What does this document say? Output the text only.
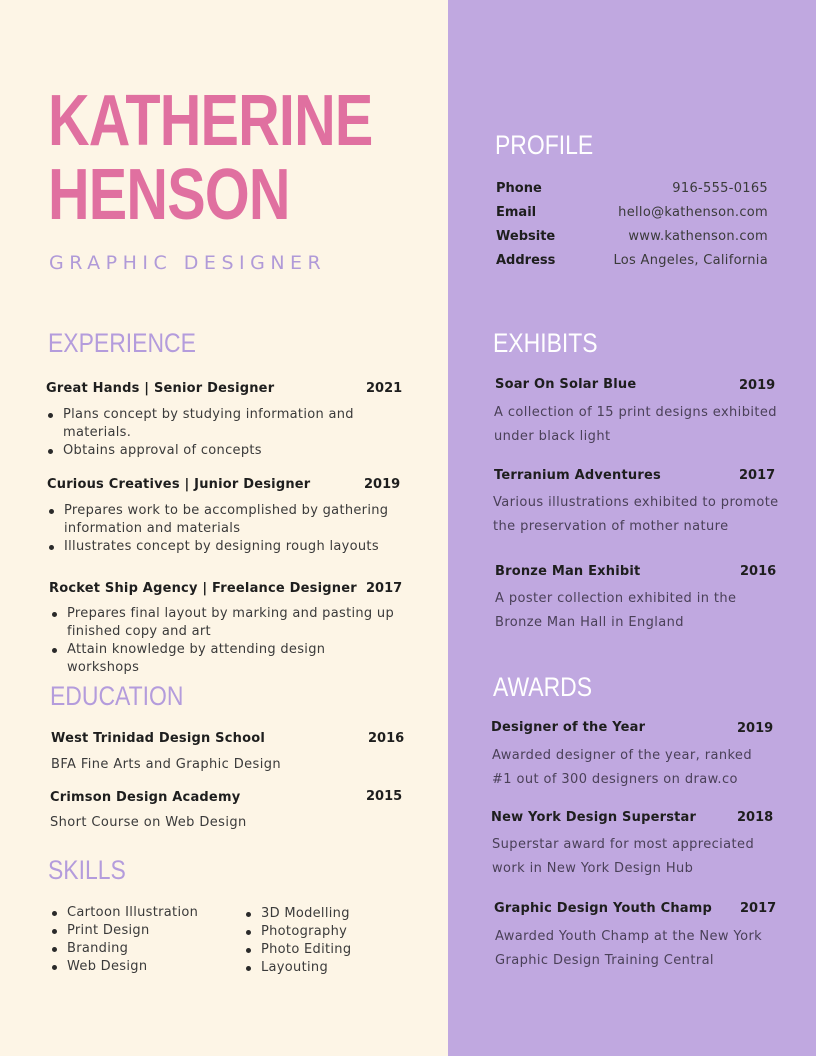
KATHERINE
HENSON
GRAPHIC DESIGNER
EXPERIENCE
Great Hands | Senior Designer	2021
Plans concept by studying information and materials.
Obtains approval of concepts
Curious Creatives | Junior Designer	2019
Prepares work to be accomplished by gathering information and materials
Illustrates concept by designing rough layouts
Rocket Ship Agency | Freelance Designer 2017
Prepares final layout by marking and pasting up finished copy and art
Attain knowledge by attending design workshops
EDUCATION
West Trinidad Design School	2016
BFA Fine Arts and Graphic Design
Crimson Design Academy	2015
Short Course on Web Design
SKILLS
Cartoon Illustration
Print Design
Branding
Web Design
3D Modelling
Photography
Photo Editing
Layouting
PROFILE
Phone	916-555-0165
Email	hello@kathenson.com
Website	www.kathenson.com
Address	Los Angeles, California
EXHIBITS
Soar On Solar Blue	2019
A collection of 15 print designs exhibited under black light
Terranium Adventures	2017
Various illustrations exhibited to promote the preservation of mother nature
Bronze Man Exhibit	2016
A poster collection exhibited in the Bronze Man Hall in England
AWARDS
Designer of the Year	2019
Awarded designer of the year, ranked #1 out of 300 designers on draw.co
New York Design Superstar	2018
Superstar award for most appreciated work in New York Design Hub
Graphic Design Youth Champ 2017
Awarded Youth Champ at the New York Graphic Design Training Central
